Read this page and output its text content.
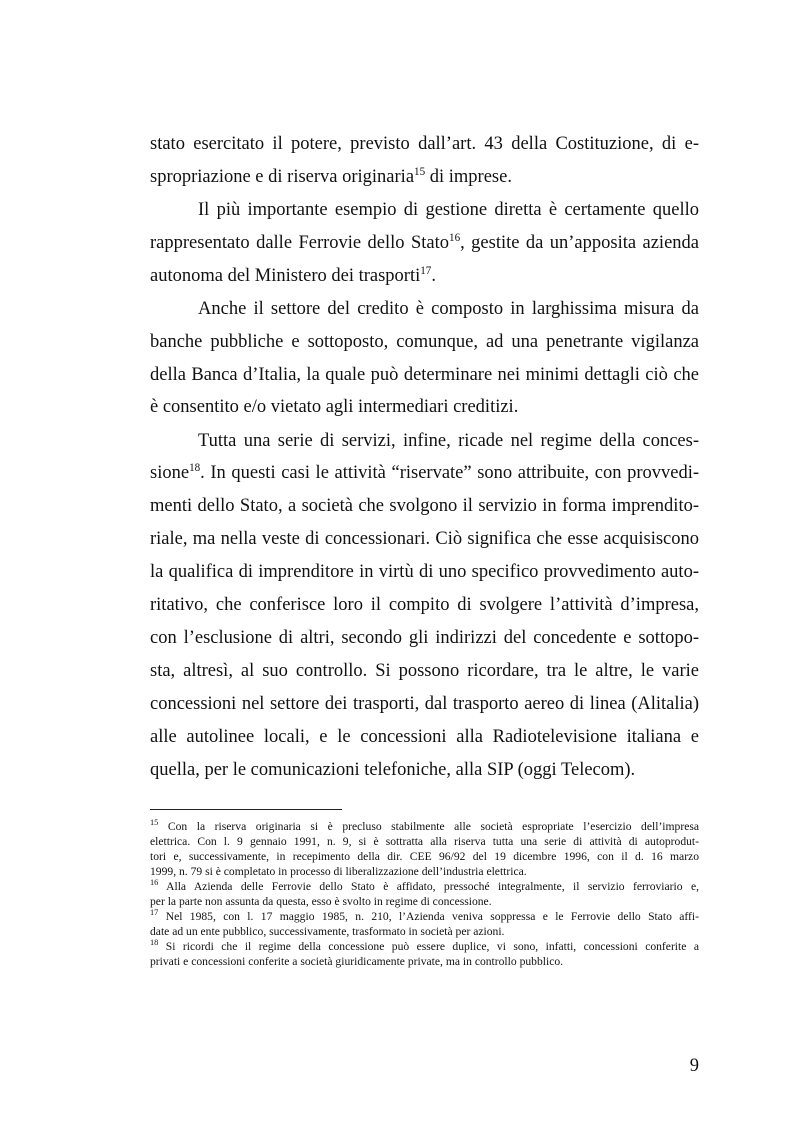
stato esercitato il potere, previsto dall’art. 43 della Costituzione, di e-
spropriazione e di riserva originaria$^{15}$ di imprese.
Il più importante esempio di gestione diretta è certamente quello
rappresentato dalle Ferrovie dello Stato$^{16}$, gestite da un’apposita azienda
autonoma del Ministero dei trasporti$^{17}$.
Anche il settore del credito è composto in larghissima misura da
banche pubbliche e sottoposto, comunque, ad una penetrante vigilanza
della Banca d’Italia, la quale può determinare nei minimi dettagli ciò che
è consentito e/o vietato agli intermediari creditizi.
Tutta una serie di servizi, infine, ricade nel regime della conces-
sione$^{18}$. In questi casi le attività “riservate” sono attribuite, con provvedi-
menti dello Stato, a società che svolgono il servizio in forma imprendito-
riale, ma nella veste di concessionari. Ciò significa che esse acquisiscono
la qualifica di imprenditore in virtù di uno specifico provvedimento auto-
ritativo, che conferisce loro il compito di svolgere l’attività d’impresa,
con l’esclusione di altri, secondo gli indirizzi del concedente e sottopo-
sta, altresì, al suo controllo. Si possono ricordare, tra le altre, le varie
concessioni nel settore dei trasporti, dal trasporto aereo di linea (Alitalia)
alle autolinee locali, e le concessioni alla Radiotelevisione italiana e
quella, per le comunicazioni telefoniche, alla SIP (oggi Telecom).
$^{15}$ Con la riserva originaria si è precluso stabilmente alle società espropriate l’esercizio dell’impresa
elettrica. Con l. 9 gennaio 1991, n. 9, si è sottratta alla riserva tutta una serie di attività di autoprodut-
tori e, successivamente, in recepimento della dir. CEE 96/92 del 19 dicembre 1996, con il d. 16 marzo
1999, n. 79 si è completato in processo di liberalizzazione dell’industria elettrica.
$^{16}$ Alla Azienda delle Ferrovie dello Stato è affidato, pressoché integralmente, il servizio ferroviario e,
per la parte non assunta da questa, esso è svolto in regime di concessione.
$^{17}$ Nel 1985, con l. 17 maggio 1985, n. 210, l’Azienda veniva soppressa e le Ferrovie dello Stato affi-
date ad un ente pubblico, successivamente, trasformato in società per azioni.
$^{18}$ Si ricordi che il regime della concessione può essere duplice, vi sono, infatti, concessioni conferite a
privati e concessioni conferite a società giuridicamente private, ma in controllo pubblico.
9
